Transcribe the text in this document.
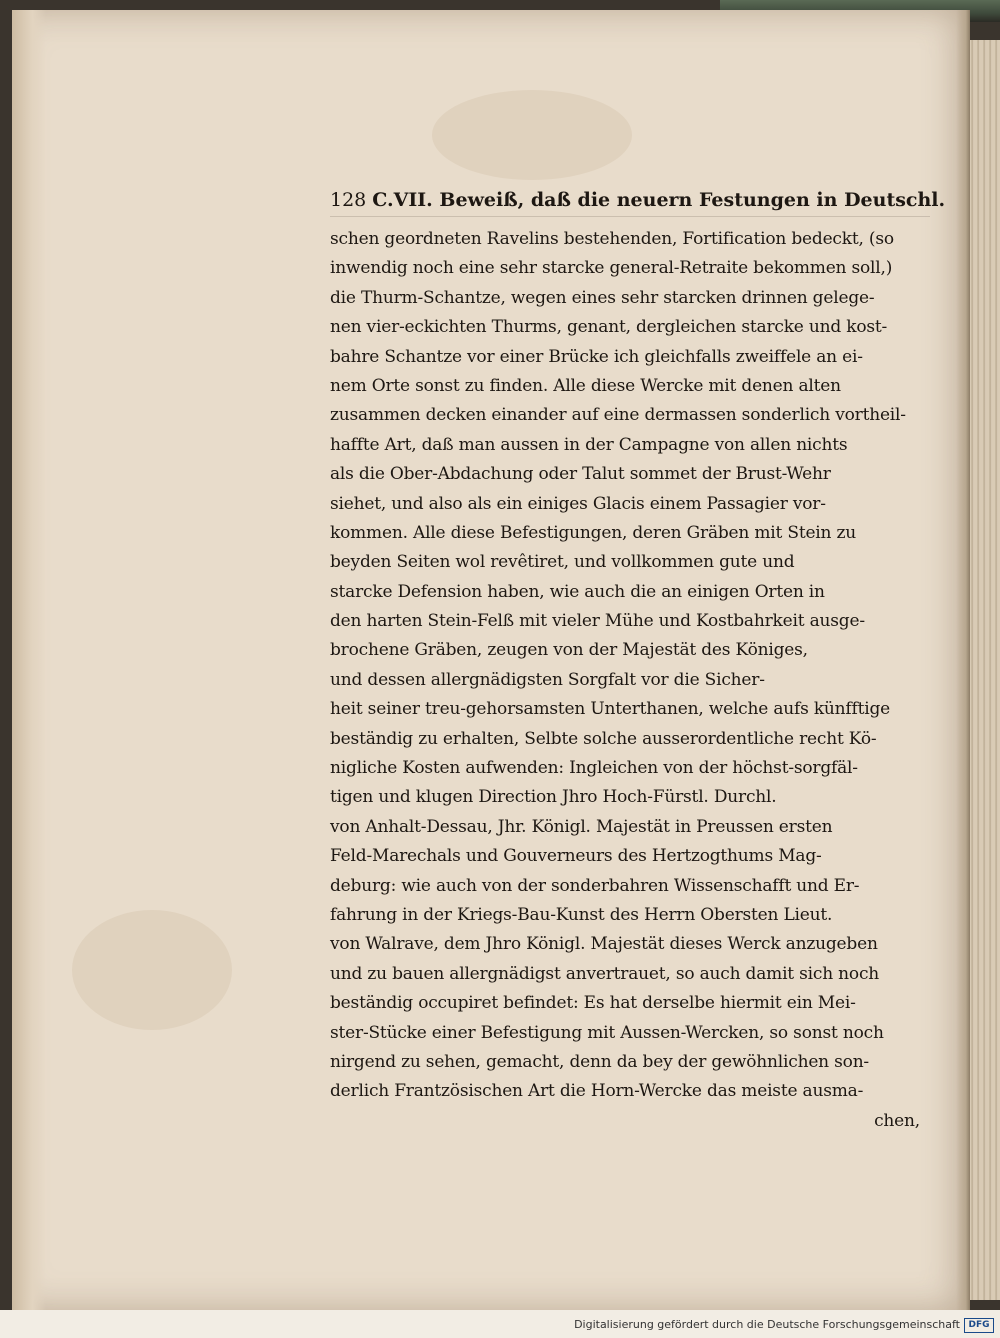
128 C.VII. Beweiß, daß die neuern Festungen in Deutschl.
schen geordneten Ravelins bestehenden, Fortification bedeckt, (so
inwendig noch eine sehr starcke general-Retraite bekommen soll,)
die Thurm-Schantze, wegen eines sehr starcken drinnen gelege-
nen vier-eckichten Thurms, genant, dergleichen starcke und kost-
bahre Schantze vor einer Brücke ich gleichfalls zweiffele an ei-
nem Orte sonst zu finden. Alle diese Wercke mit denen alten
zusammen decken einander auf eine dermassen sonderlich vortheil-
haffte Art, daß man aussen in der Campagne von allen nichts
als die Ober-Abdachung oder Talut sommet der Brust-Wehr
siehet, und also als ein einiges Glacis einem Passagier vor-
kommen. Alle diese Befestigungen, deren Gräben mit Stein zu
beyden Seiten wol revêtiret, und vollkommen gute und
starcke Defension haben, wie auch die an einigen Orten in
den harten Stein-Felß mit vieler Mühe und Kostbahrkeit ausge-
brochene Gräben, zeugen von der Majestät des Königes,
und dessen allergnädigsten Sorgfalt vor die Sicher-
heit seiner treu-gehorsamsten Unterthanen, welche aufs künfftige
beständig zu erhalten, Selbte solche ausserordentliche recht Kö-
nigliche Kosten aufwenden: Ingleichen von der höchst-sorgfäl-
tigen und klugen Direction Jhro Hoch-Fürstl. Durchl.
von Anhalt-Dessau, Jhr. Königl. Majestät in Preussen ersten
Feld-Marechals und Gouverneurs des Hertzogthums Mag-
deburg: wie auch von der sonderbahren Wissenschafft und Er-
fahrung in der Kriegs-Bau-Kunst des Herrn Obersten Lieut.
von Walrave, dem Jhro Königl. Majestät dieses Werck anzugeben
und zu bauen allergnädigst anvertrauet, so auch damit sich noch
beständig occupiret befindet: Es hat derselbe hiermit ein Mei-
ster-Stücke einer Befestigung mit Aussen-Wercken, so sonst noch
nirgend zu sehen, gemacht, denn da bey der gewöhnlichen son-
derlich Frantzösischen Art die Horn-Wercke das meiste ausma-
chen,
Digitalisierung gefördert durch die Deutsche Forschungsgemeinschaft DFG
